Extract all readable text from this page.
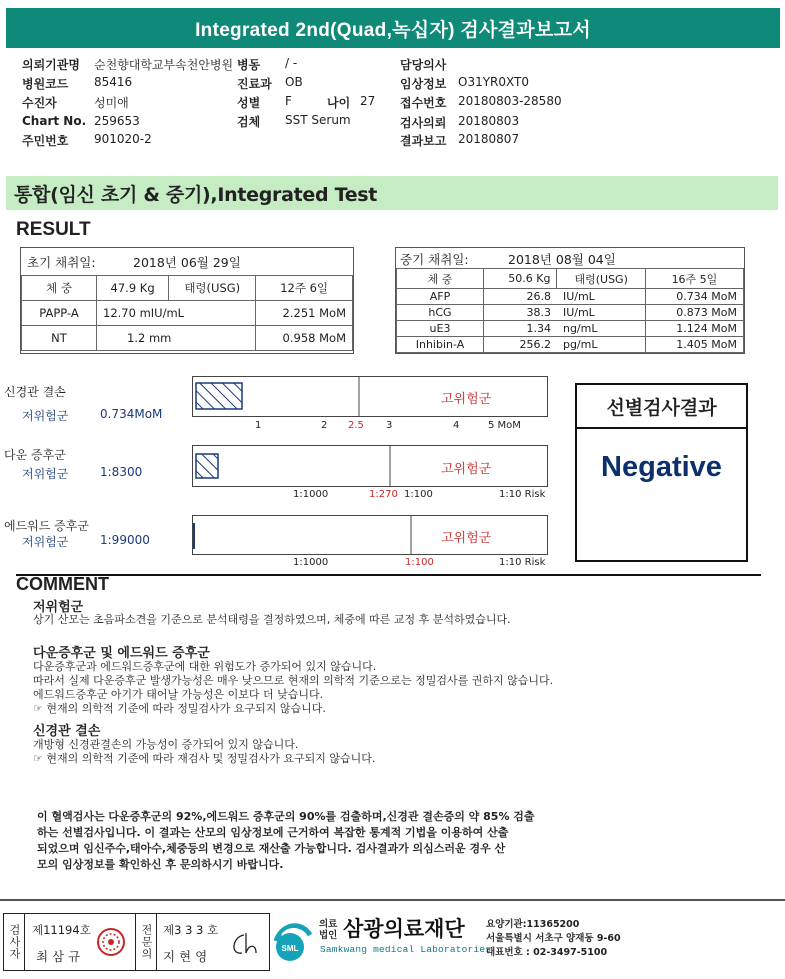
Integrated 2nd(Quad,녹십자) 검사결과보고서
의뢰기관명 순천향대학교부속천안병원
병원코드 85416
수진자	성미애
Chart No. 259653
주민번호 901020-2
병동 / -
진료과 OB
성별 F	나이 27
검체 SST Serum
담당의사
임상정보 O31YR0XT0
접수번호 20180803-28580
검사의뢰 20180803
결과보고 20180807
통합(임신 초기 & 중기),Integrated Test
RESULT
초기 채취일:	2018년 06월 29일
체 중	47.9 Kg	태령(USG)	12주 6일
PAPP-A	12.70 mIU/mL		2.251 MoM
NT	1.2 mm		0.958 MoM
중기 채취일:	2018년 08월 04일
체 중	50.6 Kg	태령(USG)	16주 5일
AFP	26.8	IU/mL	0.734 MoM
hCG	38.3	IU/mL	0.873 MoM
uE3	1.34	ng/mL	1.124 MoM
Inhibin-A	256.2	pg/mL	1.405 MoM
신경관 결손
저위험군	0.734MoM
고위험군
1	2 2.5 3	4	5 MoM
다운 증후군
저위험군	1:8300	고위험군
1:1000	1:270 1:100	1:10 Risk
에드워드 증후군
저위험군	1:99000	고위험군
1:1000	1:100	1:10 Risk
선별검사결과
Negative
COMMENT
저위험군
상기 산모는 초음파소견을 기준으로 분석태령을 결정하였으며, 체중에 따른 교정 후 분석하였습니다.
다운증후군 및 에드워드 증후군
다운증후군과 에드워드증후군에 대한 위험도가 증가되어 있지 않습니다.
따라서 실제 다운증후군 발생가능성은 매우 낮으므로 현재의 의학적 기준으로는 정밀검사를 권하지 않습니다.
에드워드증후군 아기가 태어날 가능성은 이보다 더 낮습니다.
☞ 현재의 의학적 기준에 따라 정밀검사가 요구되지 않습니다.
신경관 결손
개방형 신경관결손의 가능성이 증가되어 있지 않습니다.
☞ 현재의 의학적 기준에 따라 재검사 및 정밀검사가 요구되지 않습니다.
이 혈액검사는 다운증후군의 92%,에드워드 증후군의 90%를 검출하며,신경관 결손증의 약 85% 검출
하는 선별검사입니다. 이 결과는 산모의 임상정보에 근거하여 복잡한 통계적 기법을 이용하여 산출
되었으며 임신주수,태아수,체중등의 변경으로 재산출 가능합니다. 검사결과가 의심스러운 경우 산
모의 임상정보를 확인하신 후 문의하시기 바랍니다.
검사자 제11194호
최 삼 규	전문의 제3 3 3 호
지 현 영
SML
의료
법인 삼광의료재단
Samkwang medical Laboratories
요양기관:11365200
서울특별시 서초구 양재동 9-60
대표번호 : 02-3497-5100
